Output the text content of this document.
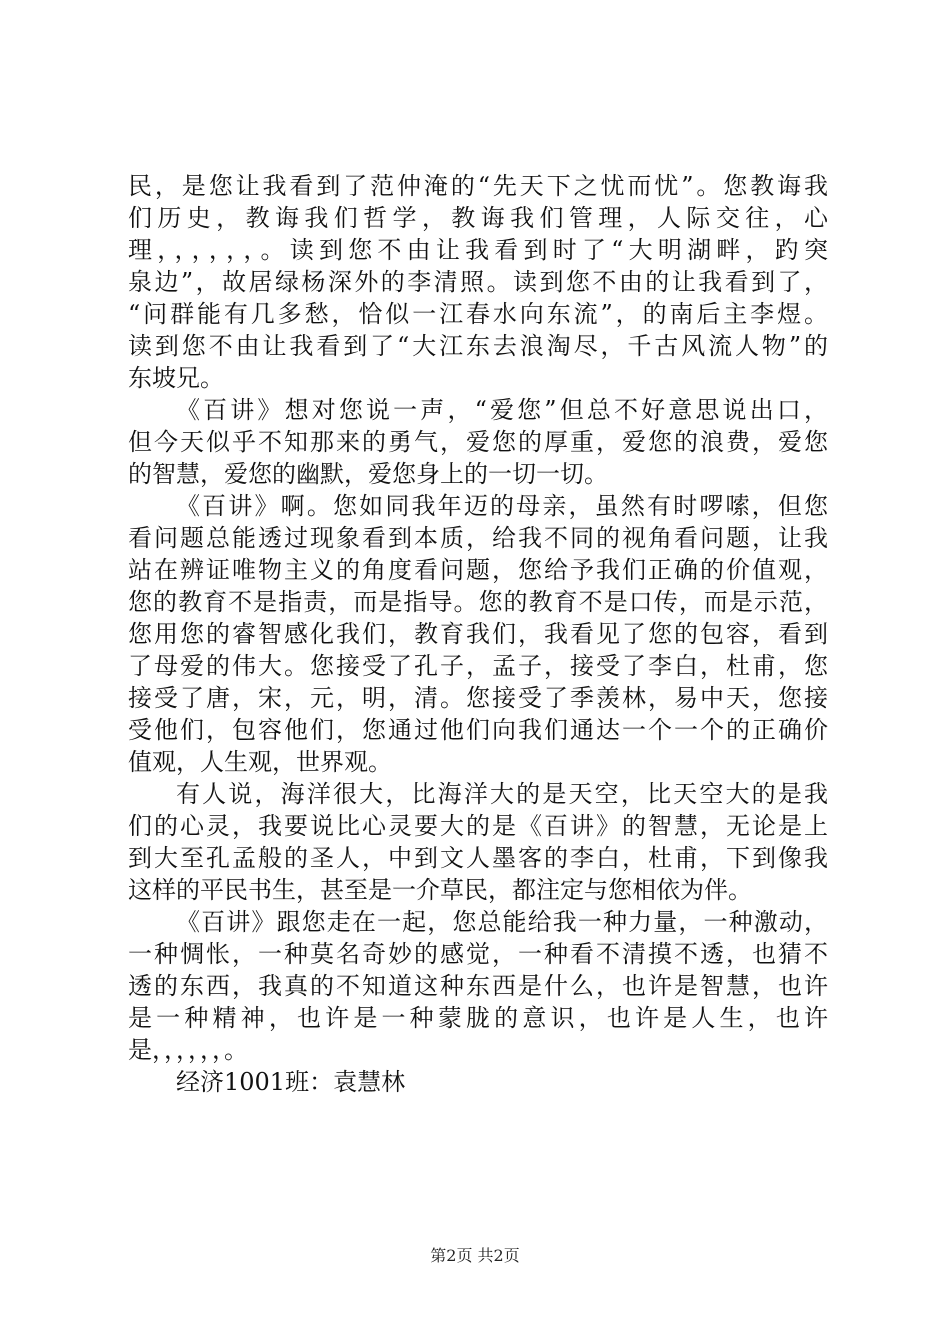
民，是您让我看到了范仲淹的“先天下之忧而忧”。您教诲我
们历史，教诲我们哲学，教诲我们管理，人际交往，心
理，，，，，，。读到您不由让我看到时了“大明湖畔，趵突
泉边”，故居绿杨深外的李清照。读到您不由的让我看到了，
“问群能有几多愁，恰似一江春水向东流”，的南后主李煜。
读到您不由让我看到了“大江东去浪淘尽，千古风流人物”的
东坡兄。
《百讲》想对您说一声，“爱您”但总不好意思说出口，
但今天似乎不知那来的勇气，爱您的厚重，爱您的浪费，爱您
的智慧，爱您的幽默，爱您身上的一切一切。
《百讲》啊。您如同我年迈的母亲，虽然有时啰嗦，但您
看问题总能透过现象看到本质，给我不同的视角看问题，让我
站在辨证唯物主义的角度看问题，您给予我们正确的价值观，
您的教育不是指责，而是指导。您的教育不是口传，而是示范，
您用您的睿智感化我们，教育我们，我看见了您的包容，看到
了母爱的伟大。您接受了孔子，孟子，接受了李白，杜甫，您
接受了唐，宋，元，明，清。您接受了季羡林，易中天，您接
受他们，包容他们，您通过他们向我们通达一个一个的正确价
值观，人生观，世界观。
有人说，海洋很大，比海洋大的是天空，比天空大的是我
们的心灵，我要说比心灵要大的是《百讲》的智慧，无论是上
到大至孔孟般的圣人，中到文人墨客的李白，杜甫，下到像我
这样的平民书生，甚至是一介草民，都注定与您相依为伴。
《百讲》跟您走在一起，您总能给我一种力量，一种激动，
一种惆怅，一种莫名奇妙的感觉，一种看不清摸不透，也猜不
透的东西，我真的不知道这种东西是什么，也许是智慧，也许
是一种精神，也许是一种蒙胧的意识，也许是人生，也许
是，，，，，，。
经济1001班：袁慧林
第2页 共2页
